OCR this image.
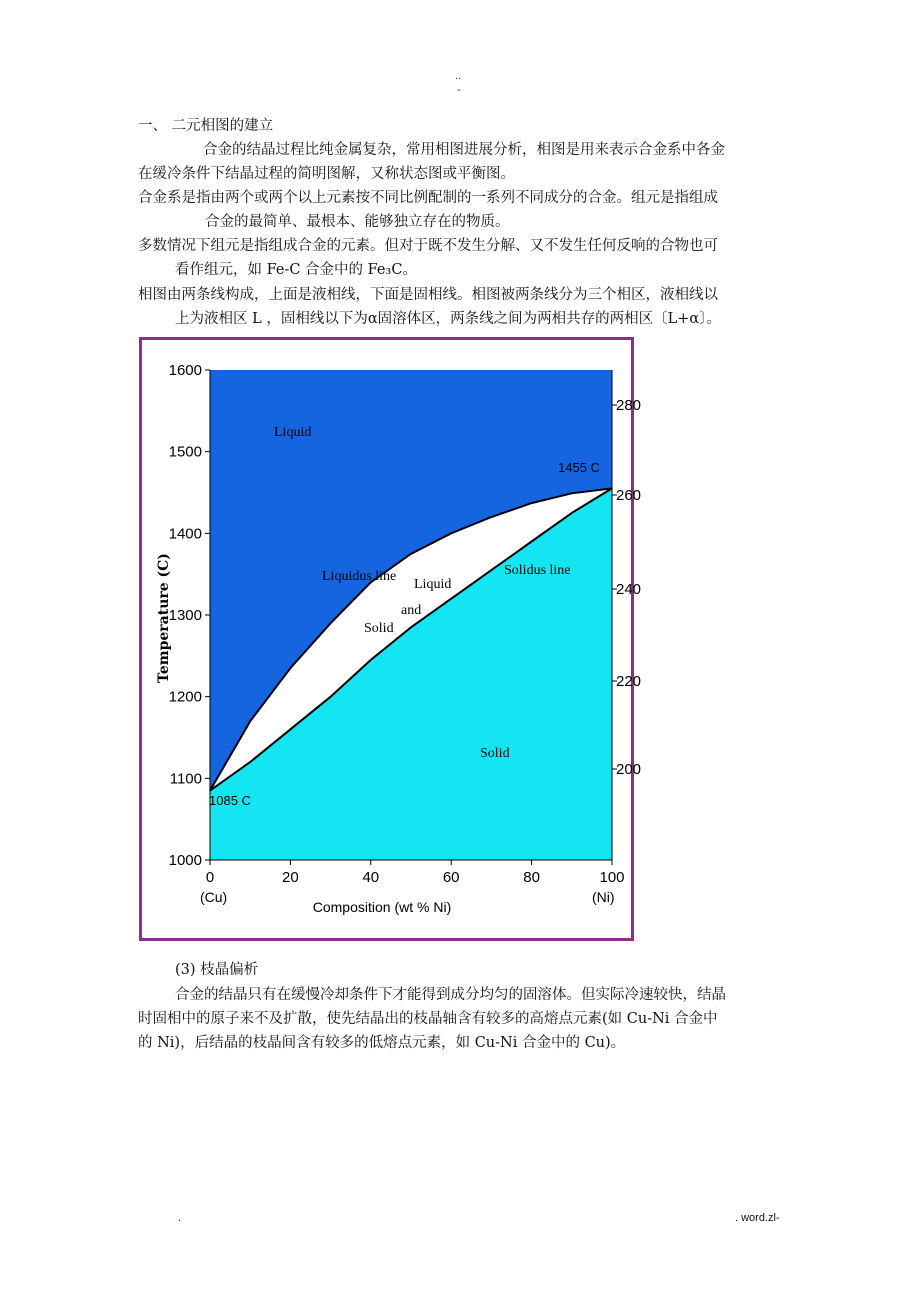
..
-
一、 二元相图的建立
合金的结晶过程比纯金属复杂，常用相图进展分析，相图是用来表示合金系中各金
在缓冷条件下结晶过程的简明图解，又称状态图或平衡图。
合金系是指由两个或两个以上元素按不同比例配制的一系列不同成分的合金。组元是指组成
合金的最简单、最根本、能够独立存在的物质。
多数情况下组元是指组成合金的元素。但对于既不发生分解、又不发生任何反响的合物也可
看作组元，如 Fe-C 合金中的 Fe₃C。
相图由两条线构成，上面是液相线，下面是固相线。相图被两条线分为三个相区，液相线以
上为液相区 L ，固相线以下为α固溶体区，两条线之间为两相共存的两相区〔L+α〕。
1600
1500
1400
1300
1200
1100
1000
0	20	40	60	80	100
280
260
240
220
200
Temperature (C)
Composition (wt % Ni)
(Cu)	(Ni)
Liquid
Liquidus line
Liquid
and
Solid
Solidus line
Solid
1455 C
1085 C
(3) 枝晶偏析
合金的结晶只有在缓慢冷却条件下才能得到成分均匀的固溶体。但实际冷速较快，结晶
时固相中的原子来不及扩散，使先结晶出的枝晶轴含有较多的高熔点元素(如 Cu-Ni 合金中
的 Ni)，后结晶的枝晶间含有较多的低熔点元素，如 Cu-Ni 合金中的 Cu)。
.	. word.zl-
